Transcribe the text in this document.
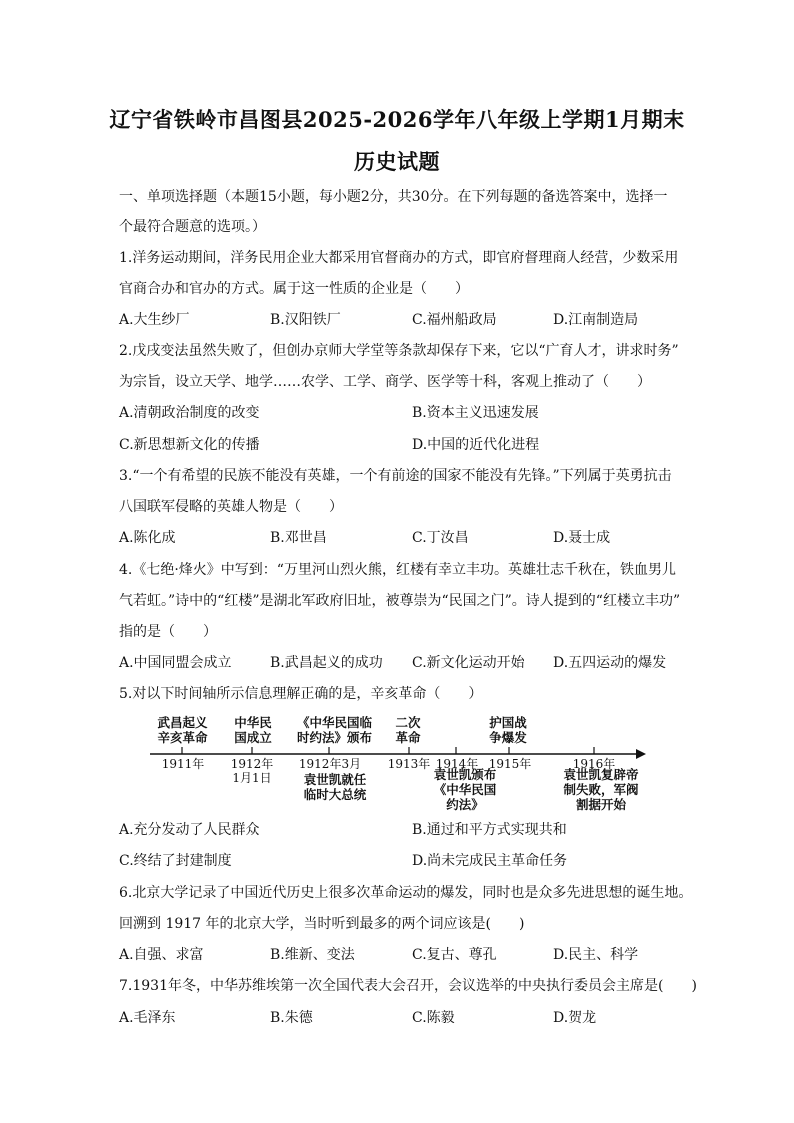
辽宁省铁岭市昌图县2025-2026学年八年级上学期1月期末
历史试题
一、单项选择题（本题15小题，每小题2分，共30分。在下列每题的备选答案中，选择一
个最符合题意的选项。）
1.洋务运动期间，洋务民用企业大都采用官督商办的方式，即官府督理商人经营，少数采用
官商合办和官办的方式。属于这一性质的企业是（　　）
A.大生纱厂	B.汉阳铁厂	C.福州船政局	D.江南制造局
2.戊戌变法虽然失败了，但创办京师大学堂等条款却保存下来，它以“广育人才，讲求时务”
为宗旨，设立天学、地学……农学、工学、商学、医学等十科，客观上推动了（　　）
A.清朝政治制度的改变	B.资本主义迅速发展
C.新思想新文化的传播	D.中国的近代化进程
3.“一个有希望的民族不能没有英雄，一个有前途的国家不能没有先锋。”下列属于英勇抗击
八国联军侵略的英雄人物是（　　）
A.陈化成	B.邓世昌	C.丁汝昌	D.聂士成
4.《七绝·烽火》中写到：“万里河山烈火熊，红楼有幸立丰功。英雄壮志千秋在，铁血男儿
气若虹。”诗中的“红楼”是湖北军政府旧址，被尊崇为“民国之门”。诗人提到的“红楼立丰功”
指的是（　　）
A.中国同盟会成立	B.武昌起义的成功 C.新文化运动开始 D.五四运动的爆发
5.对以下时间轴所示信息理解正确的是，辛亥革命（　　）
武昌起义
辛亥革命
中华民
国成立
《中华民国临
时约法》颁布
二次
革命
护国战
争爆发
1911年	1912年
1月1日
1912年3月 1913年 1914年 1915年	1916年
袁世凯就任
临时大总统
袁世凯颁布
《中华民国
约法》
袁世凯复辟帝
制失败，军阀
割据开始
A.充分发动了人民群众	B.通过和平方式实现共和
C.终结了封建制度	D.尚未完成民主革命任务
6.北京大学记录了中国近代历史上很多次革命运动的爆发，同时也是众多先进思想的诞生地。
回溯到 1917 年的北京大学，当时听到最多的两个词应该是(　　)
A.自强、求富	B.维新、变法	C.复古、尊孔	D.民主、科学
7.1931年冬，中华苏维埃第一次全国代表大会召开，会议选举的中央执行委员会主席是(　　)
A.毛泽东	B.朱德	C.陈毅	D.贺龙
